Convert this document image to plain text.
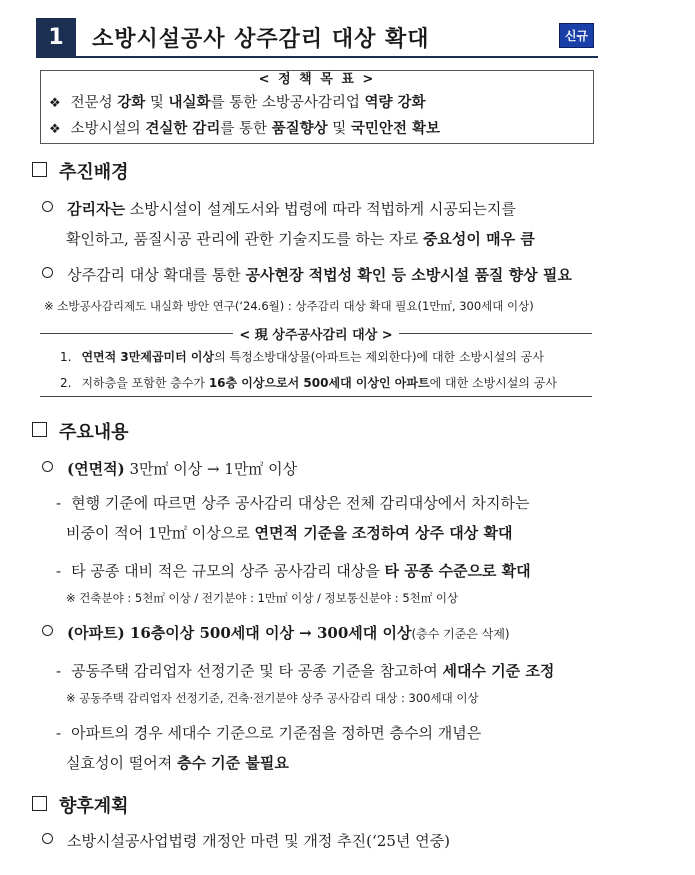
1	소방시설공사 상주감리 대상 확대	신규
< 정 책 목 표 >
❖ 전문성 강화 및 내실화를 통한 소방공사감리업 역량 강화
❖ 소방시설의 견실한 감리를 통한 품질향상 및 국민안전 확보
추진배경
감리자는 소방시설이 설계도서와 법령에 따라 적법하게 시공되는지를
확인하고, 품질시공 관리에 관한 기술지도를 하는 자로 중요성이 매우 큼
상주감리 대상 확대를 통한 공사현장 적법성 확인 등 소방시설 품질 향상 필요
※ 소방공사감리제도 내실화 방안 연구(‘24.6월) : 상주감리 대상 확대 필요(1만㎡, 300세대 이상)
< 現 상주공사감리 대상 >
1. 연면적 3만제곱미터 이상의 특정소방대상물(아파트는 제외한다)에 대한 소방시설의 공사
2. 지하층을 포함한 층수가 16층 이상으로서 500세대 이상인 아파트에 대한 소방시설의 공사
주요내용
(연면적) 3만㎡ 이상 → 1만㎡ 이상
- 현행 기준에 따르면 상주 공사감리 대상은 전체 감리대상에서 차지하는
비중이 적어 1만㎡ 이상으로 연면적 기준을 조정하여 상주 대상 확대
- 타 공종 대비 적은 규모의 상주 공사감리 대상을 타 공종 수준으로 확대
※ 건축분야 : 5천㎡ 이상 / 전기분야 : 1만㎡ 이상 / 정보통신분야 : 5천㎡ 이상
(아파트) 16층이상 500세대 이상 → 300세대 이상(층수 기준은 삭제)
- 공동주택 감리업자 선정기준 및 타 공종 기준을 참고하여 세대수 기준 조정
※ 공동주택 감리업자 선정기준, 건축·전기분야 상주 공사감리 대상 : 300세대 이상
- 아파트의 경우 세대수 기준으로 기준점을 정하면 층수의 개념은
실효성이 떨어져 층수 기준 불필요
향후계획
소방시설공사업법령 개정안 마련 및 개정 추진(‘25년 연중)
